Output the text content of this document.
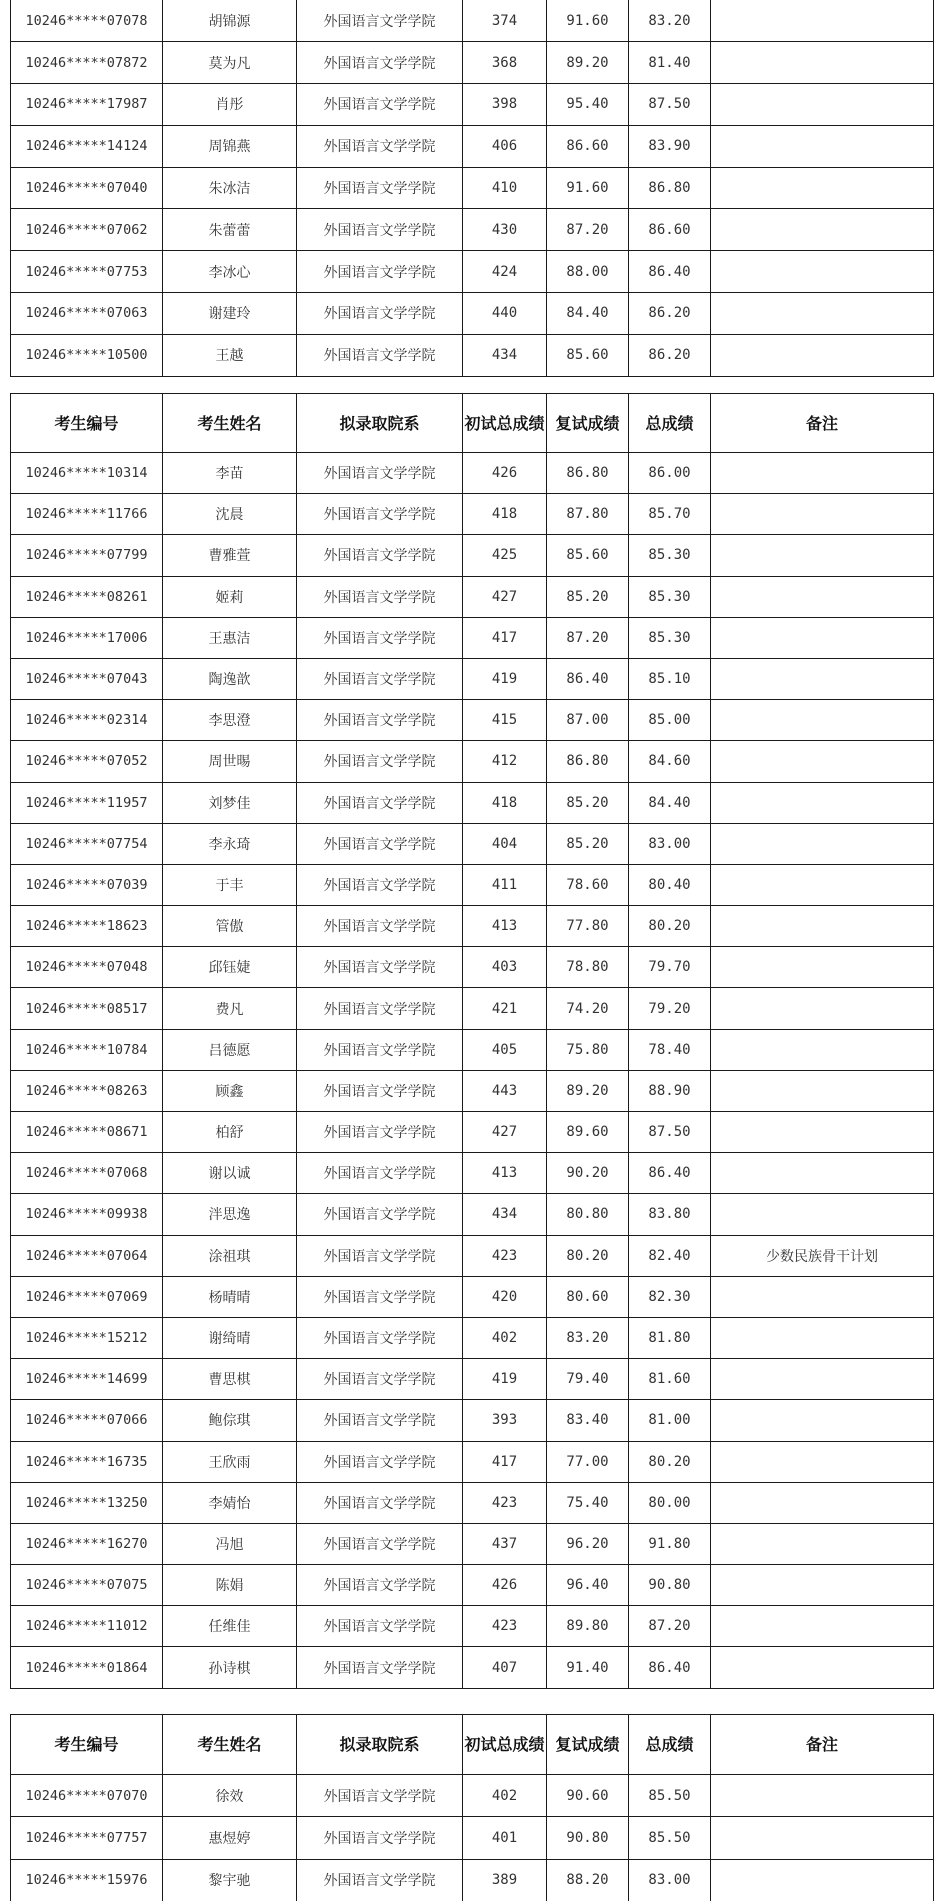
10246*****07078	胡锦源	外国语言文学学院	374	91.60	83.20	
10246*****07872	莫为凡	外国语言文学学院	368	89.20	81.40	
10246*****17987	肖彤	外国语言文学学院	398	95.40	87.50	
10246*****14124	周锦燕	外国语言文学学院	406	86.60	83.90	
10246*****07040	朱冰洁	外国语言文学学院	410	91.60	86.80	
10246*****07062	朱蕾蕾	外国语言文学学院	430	87.20	86.60	
10246*****07753	李冰心	外国语言文学学院	424	88.00	86.40	
10246*****07063	谢建玲	外国语言文学学院	440	84.40	86.20	
10246*****10500	王越	外国语言文学学院	434	85.60	86.20	
考生编号	考生姓名	拟录取院系	初试总成绩	复试成绩	总成绩	备注
10246*****10314	李苗	外国语言文学学院	426	86.80	86.00	
10246*****11766	沈晨	外国语言文学学院	418	87.80	85.70	
10246*****07799	曹雅萱	外国语言文学学院	425	85.60	85.30	
10246*****08261	姬莉	外国语言文学学院	427	85.20	85.30	
10246*****17006	王惠洁	外国语言文学学院	417	87.20	85.30	
10246*****07043	陶逸歆	外国语言文学学院	419	86.40	85.10	
10246*****02314	李思澄	外国语言文学学院	415	87.00	85.00	
10246*****07052	周世晹	外国语言文学学院	412	86.80	84.60	
10246*****11957	刘梦佳	外国语言文学学院	418	85.20	84.40	
10246*****07754	李永琦	外国语言文学学院	404	85.20	83.00	
10246*****07039	于丰	外国语言文学学院	411	78.60	80.40	
10246*****18623	管傲	外国语言文学学院	413	77.80	80.20	
10246*****07048	邱钰婕	外国语言文学学院	403	78.80	79.70	
10246*****08517	费凡	外国语言文学学院	421	74.20	79.20	
10246*****10784	吕德愿	外国语言文学学院	405	75.80	78.40	
10246*****08263	顾鑫	外国语言文学学院	443	89.20	88.90	
10246*****08671	柏舒	外国语言文学学院	427	89.60	87.50	
10246*****07068	谢以诚	外国语言文学学院	413	90.20	86.40	
10246*****09938	泮思逸	外国语言文学学院	434	80.80	83.80	
10246*****07064	涂祖琪	外国语言文学学院	423	80.20	82.40	少数民族骨干计划
10246*****07069	杨晴晴	外国语言文学学院	420	80.60	82.30	
10246*****15212	谢绮晴	外国语言文学学院	402	83.20	81.80	
10246*****14699	曹思棋	外国语言文学学院	419	79.40	81.60	
10246*****07066	鲍倧琪	外国语言文学学院	393	83.40	81.00	
10246*****16735	王欣雨	外国语言文学学院	417	77.00	80.20	
10246*****13250	李婧怡	外国语言文学学院	423	75.40	80.00	
10246*****16270	冯旭	外国语言文学学院	437	96.20	91.80	
10246*****07075	陈娟	外国语言文学学院	426	96.40	90.80	
10246*****11012	任维佳	外国语言文学学院	423	89.80	87.20	
10246*****01864	孙诗棋	外国语言文学学院	407	91.40	86.40	
考生编号	考生姓名	拟录取院系	初试总成绩	复试成绩	总成绩	备注
10246*****07070	徐效	外国语言文学学院	402	90.60	85.50	
10246*****07757	惠煜婷	外国语言文学学院	401	90.80	85.50	
10246*****15976	黎宇驰	外国语言文学学院	389	88.20	83.00	
